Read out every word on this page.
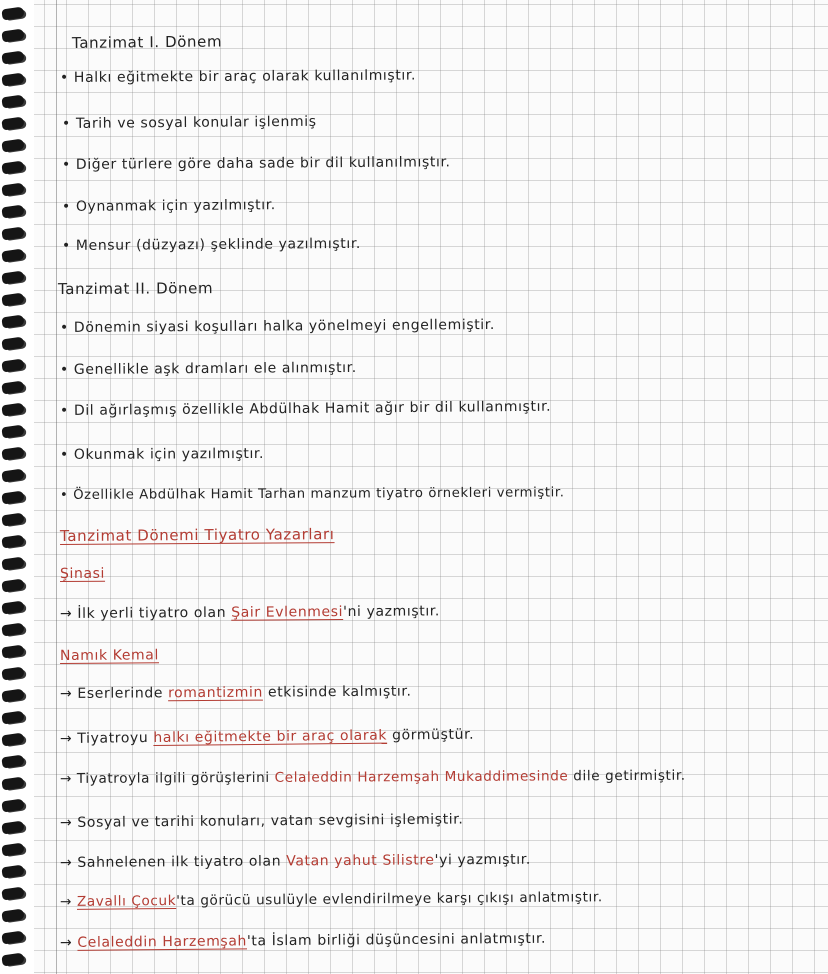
Tanzimat I. Dönem
• Halkı eğitmekte bir araç olarak kullanılmıştır.
• Tarih ve sosyal konular işlenmiş
• Diğer türlere göre daha sade bir dil kullanılmıştır.
• Oynanmak için yazılmıştır.
• Mensur (düzyazı) şeklinde yazılmıştır.
Tanzimat II. Dönem
• Dönemin siyasi koşulları halka yönelmeyi engellemiştir.
• Genellikle aşk dramları ele alınmıştır.
• Dil ağırlaşmış özellikle Abdülhak Hamit ağır bir dil kullanmıştır.
• Okunmak için yazılmıştır.
• Özellikle Abdülhak Hamit Tarhan manzum tiyatro örnekleri vermiştir.
Tanzimat Dönemi Tiyatro Yazarları
Şinasi
→ İlk yerli tiyatro olan Şair Evlenmesi'ni yazmıştır.
Namık Kemal
→ Eserlerinde romantizmin etkisinde kalmıştır.
→ Tiyatroyu halkı eğitmekte bir araç olarak görmüştür.
→ Tiyatroyla ilgili görüşlerini Celaleddin Harzemşah Mukaddimesinde dile getirmiştir.
→ Sosyal ve tarihi konuları, vatan sevgisini işlemiştir.
→ Sahnelenen ilk tiyatro olan Vatan yahut Silistre'yi yazmıştır.
→ Zavallı Çocuk'ta görücü usulüyle evlendirilmeye karşı çıkışı anlatmıştır.
→ Celaleddin Harzemşah'ta İslam birliği düşüncesini anlatmıştır.
